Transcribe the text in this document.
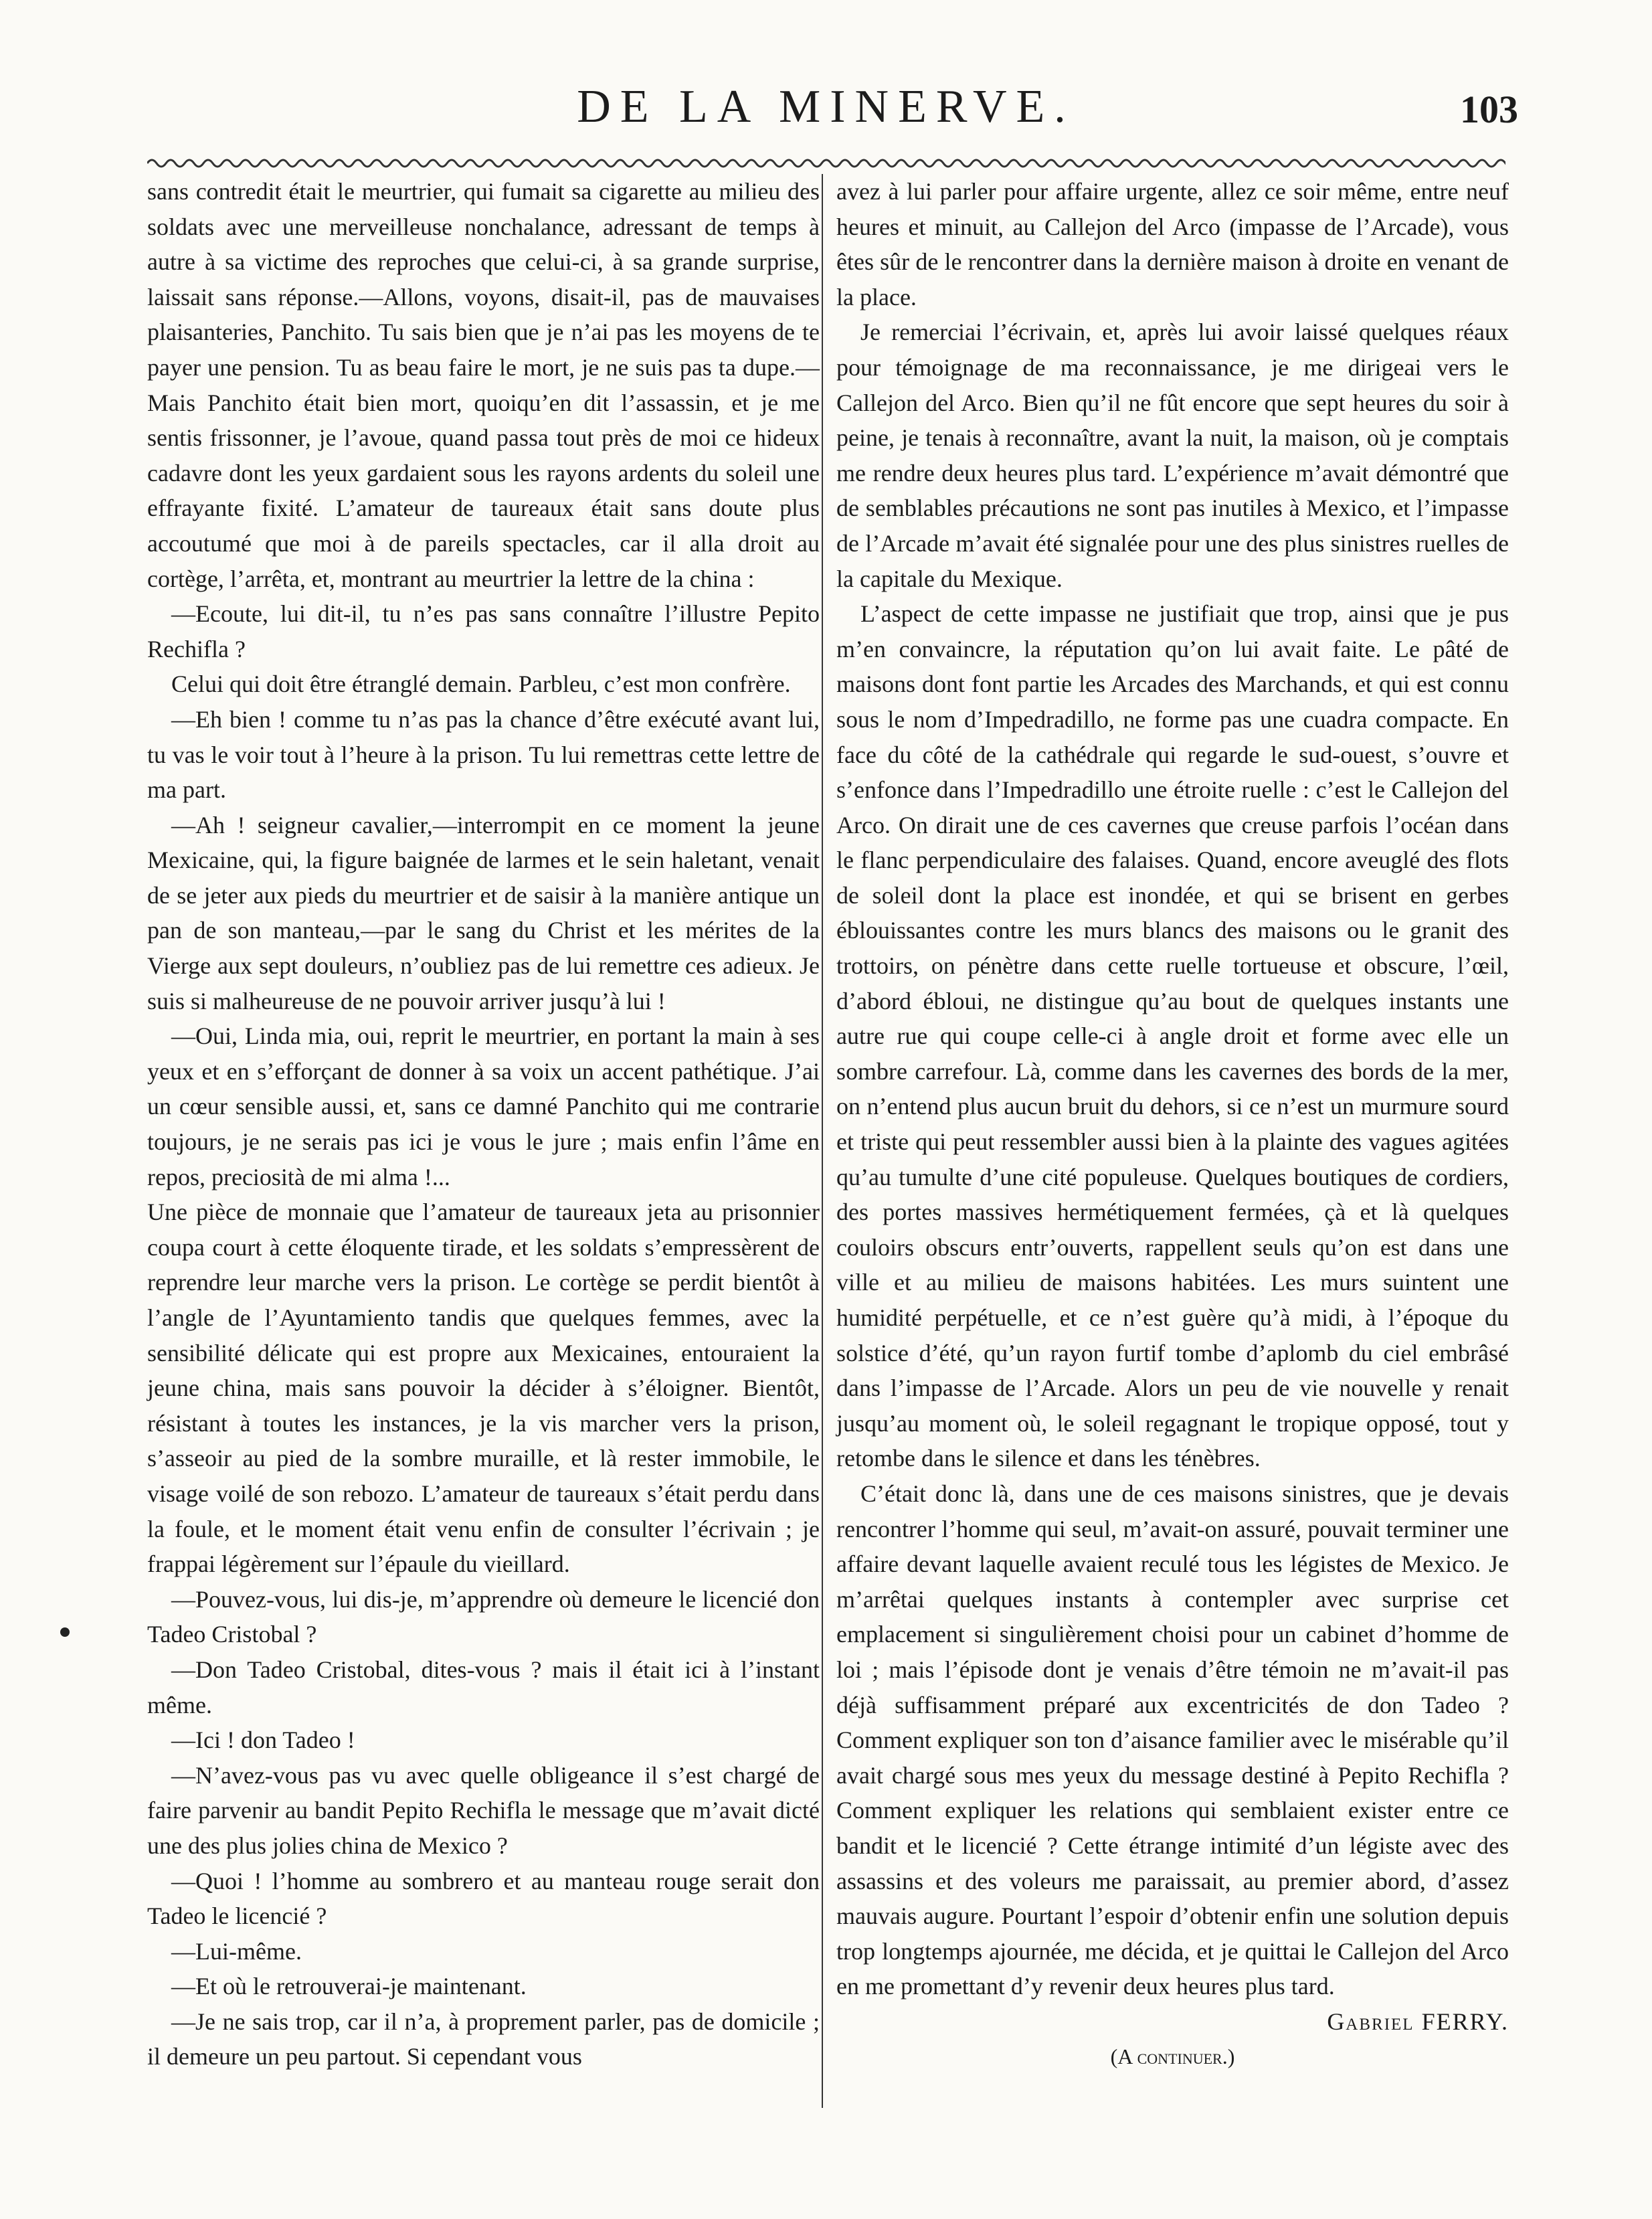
DE LA MINERVE.	103

sans contredit était le meurtrier, qui fumait sa cigarette au milieu des soldats avec une merveilleuse nonchalance, adressant de temps à autre à sa victime des reproches que celui-ci, à sa grande surprise, laissait sans réponse.—Allons, voyons, disait-il, pas de mauvaises plaisanteries, Panchito. Tu sais bien que je n’ai pas les moyens de te payer une pension. Tu as beau faire le mort, je ne suis pas ta dupe.—Mais Panchito était bien mort, quoiqu’en dit l’assassin, et je me sentis frissonner, je l’avoue, quand passa tout près de moi ce hideux cadavre dont les yeux gardaient sous les rayons ardents du soleil une effrayante fixité. L’amateur de taureaux était sans doute plus accoutumé que moi à de pareils spectacles, car il alla droit au cortège, l’arrêta, et, montrant au meurtrier la lettre de la china :

—Ecoute, lui dit-il, tu n’es pas sans connaître l’illustre Pepito Rechifla ?

Celui qui doit être étranglé demain. Parbleu, c’est mon confrère.

—Eh bien ! comme tu n’as pas la chance d’être exécuté avant lui, tu vas le voir tout à l’heure à la prison. Tu lui remettras cette lettre de ma part.

—Ah ! seigneur cavalier,—interrompit en ce moment la jeune Mexicaine, qui, la figure baignée de larmes et le sein haletant, venait de se jeter aux pieds du meurtrier et de saisir à la manière antique un pan de son manteau,—par le sang du Christ et les mérites de la Vierge aux sept douleurs, n’oubliez pas de lui remettre ces adieux. Je suis si malheureuse de ne pouvoir arriver jusqu’à lui !

—Oui, Linda mia, oui, reprit le meurtrier, en portant la main à ses yeux et en s’efforçant de donner à sa voix un accent pathétique. J’ai un cœur sensible aussi, et, sans ce damné Panchito qui me contrarie toujours, je ne serais pas ici je vous le jure ; mais enfin l’âme en repos, preciosità de mi alma !...

Une pièce de monnaie que l’amateur de taureaux jeta au prisonnier coupa court à cette éloquente tirade, et les soldats s’empressèrent de reprendre leur marche vers la prison. Le cortège se perdit bientôt à l’angle de l’Ayuntamiento tandis que quelques femmes, avec la sensibilité délicate qui est propre aux Mexicaines, entouraient la jeune china, mais sans pouvoir la décider à s’éloigner. Bientôt, résistant à toutes les instances, je la vis marcher vers la prison, s’asseoir au pied de la sombre muraille, et là rester immobile, le visage voilé de son rebozo. L’amateur de taureaux s’était perdu dans la foule, et le moment était venu enfin de consulter l’écrivain ; je frappai légèrement sur l’épaule du vieillard.

—Pouvez-vous, lui dis-je, m’apprendre où demeure le licencié don Tadeo Cristobal ?

—Don Tadeo Cristobal, dites-vous ? mais il était ici à l’instant même.

—Ici ! don Tadeo !

—N’avez-vous pas vu avec quelle obligeance il s’est chargé de faire parvenir au bandit Pepito Rechifla le message que m’avait dicté une des plus jolies china de Mexico ?

—Quoi ! l’homme au sombrero et au manteau rouge serait don Tadeo le licencié ?

—Lui-même.

—Et où le retrouverai-je maintenant.

—Je ne sais trop, car il n’a, à proprement parler, pas de domicile ; il demeure un peu partout. Si cependant vous

avez à lui parler pour affaire urgente, allez ce soir même, entre neuf heures et minuit, au Callejon del Arco (impasse de l’Arcade), vous êtes sûr de le rencontrer dans la dernière maison à droite en venant de la place.

Je remerciai l’écrivain, et, après lui avoir laissé quelques réaux pour témoignage de ma reconnaissance, je me dirigeai vers le Callejon del Arco. Bien qu’il ne fût encore que sept heures du soir à peine, je tenais à reconnaître, avant la nuit, la maison, où je comptais me rendre deux heures plus tard. L’expérience m’avait démontré que de semblables précautions ne sont pas inutiles à Mexico, et l’impasse de l’Arcade m’avait été signalée pour une des plus sinistres ruelles de la capitale du Mexique.

L’aspect de cette impasse ne justifiait que trop, ainsi que je pus m’en convaincre, la réputation qu’on lui avait faite. Le pâté de maisons dont font partie les Arcades des Marchands, et qui est connu sous le nom d’Impedradillo, ne forme pas une cuadra compacte. En face du côté de la cathédrale qui regarde le sud-ouest, s’ouvre et s’enfonce dans l’Impedradillo une étroite ruelle : c’est le Callejon del Arco. On dirait une de ces cavernes que creuse parfois l’océan dans le flanc perpendiculaire des falaises. Quand, encore aveuglé des flots de soleil dont la place est inondée, et qui se brisent en gerbes éblouissantes contre les murs blancs des maisons ou le granit des trottoirs, on pénètre dans cette ruelle tortueuse et obscure, l’œil, d’abord ébloui, ne distingue qu’au bout de quelques instants une autre rue qui coupe celle-ci à angle droit et forme avec elle un sombre carrefour. Là, comme dans les cavernes des bords de la mer, on n’entend plus aucun bruit du dehors, si ce n’est un murmure sourd et triste qui peut ressembler aussi bien à la plainte des vagues agitées qu’au tumulte d’une cité populeuse. Quelques boutiques de cordiers, des portes massives hermétiquement fermées, çà et là quelques couloirs obscurs entr’ouverts, rappellent seuls qu’on est dans une ville et au milieu de maisons habitées. Les murs suintent une humidité perpétuelle, et ce n’est guère qu’à midi, à l’époque du solstice d’été, qu’un rayon furtif tombe d’aplomb du ciel embrâsé dans l’impasse de l’Arcade. Alors un peu de vie nouvelle y renait jusqu’au moment où, le soleil regagnant le tropique opposé, tout y retombe dans le silence et dans les ténèbres.

C’était donc là, dans une de ces maisons sinistres, que je devais rencontrer l’homme qui seul, m’avait-on assuré, pouvait terminer une affaire devant laquelle avaient reculé tous les légistes de Mexico. Je m’arrêtai quelques instants à contempler avec surprise cet emplacement si singulièrement choisi pour un cabinet d’homme de loi ; mais l’épisode dont je venais d’être témoin ne m’avait-il pas déjà suffisamment préparé aux excentricités de don Tadeo ? Comment expliquer son ton d’aisance familier avec le misérable qu’il avait chargé sous mes yeux du message destiné à Pepito Rechifla ? Comment expliquer les relations qui semblaient exister entre ce bandit et le licencié ? Cette étrange intimité d’un légiste avec des assassins et des voleurs me paraissait, au premier abord, d’assez mauvais augure. Pourtant l’espoir d’obtenir enfin une solution depuis trop longtemps ajournée, me décida, et je quittai le Callejon del Arco en me promettant d’y revenir deux heures plus tard.

Gabriel FERRY.

(A continuer.)
